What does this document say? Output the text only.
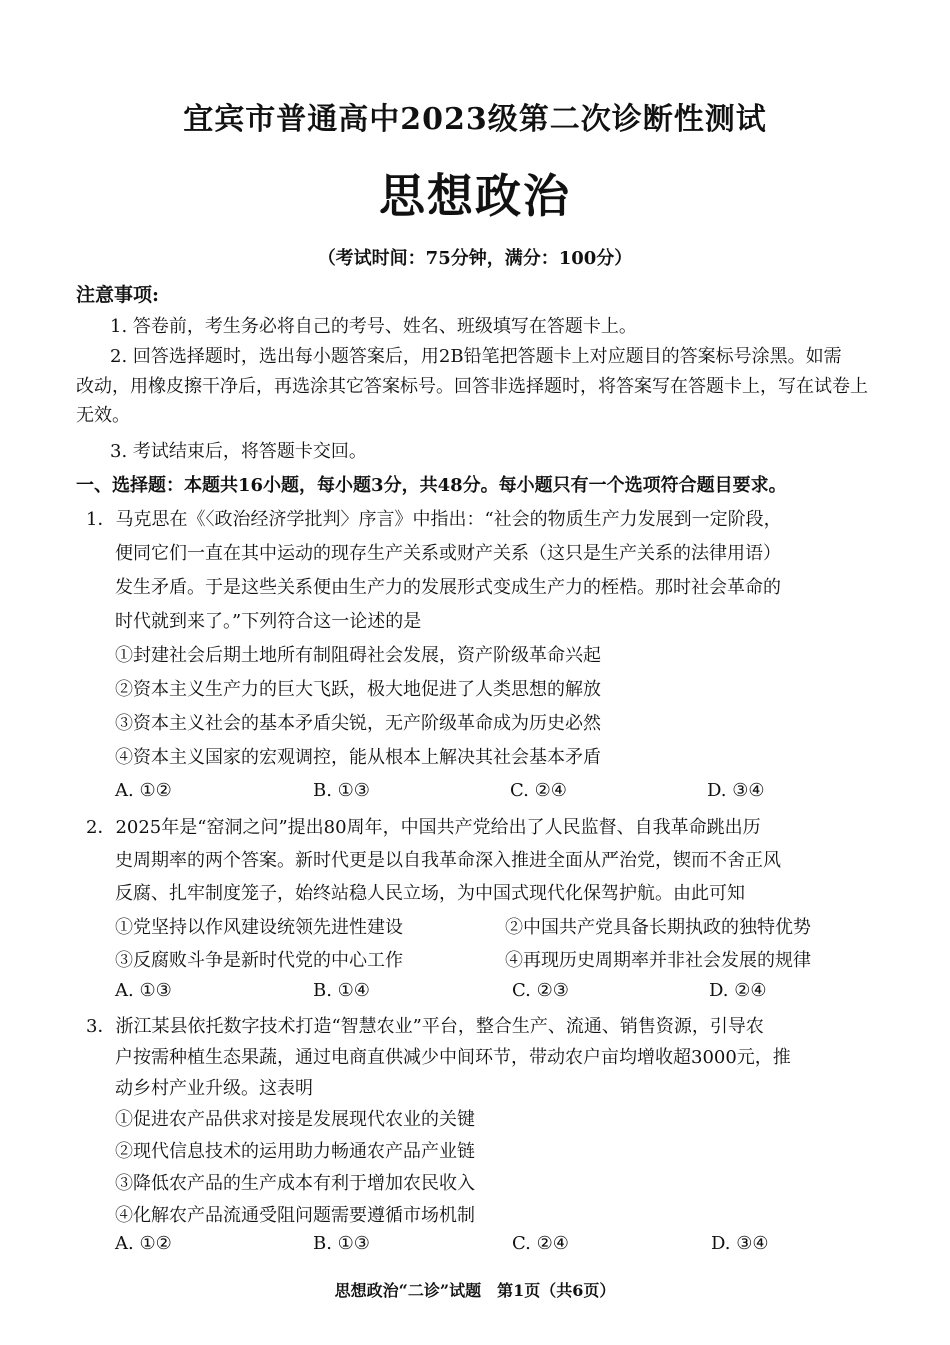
宜宾市普通高中2023级第二次诊断性测试
思想政治
（考试时间：75分钟，满分：100分）
注意事项:
1. 答卷前，考生务必将自己的考号、姓名、班级填写在答题卡上。
2. 回答选择题时，选出每小题答案后，用2B铅笔把答题卡上对应题目的答案标号涂黑。如需
改动，用橡皮擦干净后，再选涂其它答案标号。回答非选择题时，将答案写在答题卡上，写在试卷上
无效。
3. 考试结束后，将答题卡交回。
一、选择题：本题共16小题，每小题3分，共48分。每小题只有一个选项符合题目要求。
1．马克思在《〈政治经济学批判〉序言》中指出：“社会的物质生产力发展到一定阶段，
便同它们一直在其中运动的现存生产关系或财产关系（这只是生产关系的法律用语）
发生矛盾。于是这些关系便由生产力的发展形式变成生产力的桎梏。那时社会革命的
时代就到来了。”下列符合这一论述的是
①封建社会后期土地所有制阻碍社会发展，资产阶级革命兴起
②资本主义生产力的巨大飞跃，极大地促进了人类思想的解放
③资本主义社会的基本矛盾尖锐，无产阶级革命成为历史必然
④资本主义国家的宏观调控，能从根本上解决其社会基本矛盾
A. ①②	B. ①③	C. ②④	D. ③④
2．2025年是“窑洞之问”提出80周年，中国共产党给出了人民监督、自我革命跳出历
史周期率的两个答案。新时代更是以自我革命深入推进全面从严治党，锲而不舍正风
反腐、扎牢制度笼子，始终站稳人民立场，为中国式现代化保驾护航。由此可知
①党坚持以作风建设统领先进性建设	②中国共产党具备长期执政的独特优势
③反腐败斗争是新时代党的中心工作	④再现历史周期率并非社会发展的规律
A. ①③	B. ①④	C. ②③	D. ②④
3．浙江某县依托数字技术打造“智慧农业”平台，整合生产、流通、销售资源，引导农
户按需种植生态果蔬，通过电商直供减少中间环节，带动农户亩均增收超3000元，推
动乡村产业升级。这表明
①促进农产品供求对接是发展现代农业的关键
②现代信息技术的运用助力畅通农产品产业链
③降低农产品的生产成本有利于增加农民收入
④化解农产品流通受阻问题需要遵循市场机制
A. ①②	B. ①③	C. ②④	D. ③④
思想政治“二诊”试题　第1页（共6页）
